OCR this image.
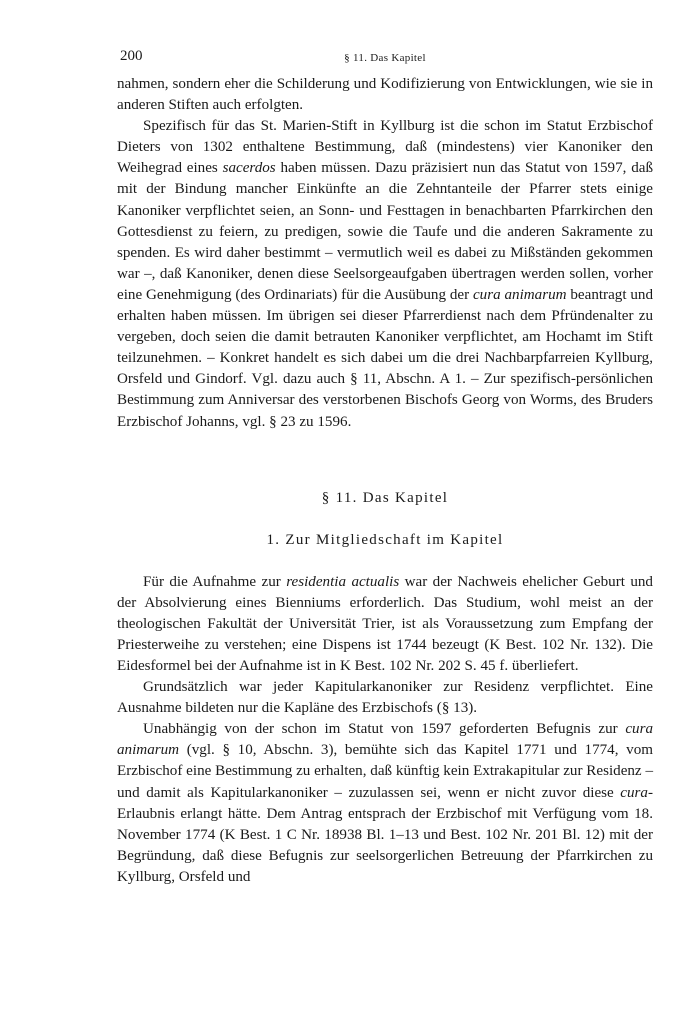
200	§ 11. Das Kapitel

nahmen, sondern eher die Schilderung und Kodifizierung von Entwicklungen, wie sie in anderen Stiften auch erfolgten.

Spezifisch für das St. Marien-Stift in Kyllburg ist die schon im Statut Erzbischof Dieters von 1302 enthaltene Bestimmung, daß (mindestens) vier Kanoniker den Weihegrad eines sacerdos haben müssen. Dazu präzisiert nun das Statut von 1597, daß mit der Bindung mancher Einkünfte an die Zehntanteile der Pfarrer stets einige Kanoniker verpflichtet seien, an Sonn- und Festtagen in benachbarten Pfarrkirchen den Gottesdienst zu feiern, zu predigen, sowie die Taufe und die anderen Sakramente zu spenden. Es wird daher bestimmt – vermutlich weil es dabei zu Mißständen gekommen war –, daß Kanoniker, denen diese Seelsorgeaufgaben übertragen werden sollen, vorher eine Genehmigung (des Ordinariats) für die Ausübung der cura animarum beantragt und erhalten haben müssen. Im übrigen sei dieser Pfarrerdienst nach dem Pfründenalter zu vergeben, doch seien die damit betrauten Kanoniker verpflichtet, am Hochamt im Stift teilzunehmen. – Konkret handelt es sich dabei um die drei Nachbarpfarreien Kyllburg, Orsfeld und Gindorf. Vgl. dazu auch § 11, Abschn. A 1. – Zur spezifisch-persönlichen Bestimmung zum Anniversar des verstorbenen Bischofs Georg von Worms, des Bruders Erzbischof Johanns, vgl. § 23 zu 1596.

§ 11. Das Kapitel
1. Zur Mitgliedschaft im Kapitel

Für die Aufnahme zur residentia actualis war der Nachweis ehelicher Geburt und der Absolvierung eines Bienniums erforderlich. Das Studium, wohl meist an der theologischen Fakultät der Universität Trier, ist als Voraussetzung zum Empfang der Priesterweihe zu verstehen; eine Dispens ist 1744 bezeugt (K Best. 102 Nr. 132). Die Eidesformel bei der Aufnahme ist in K Best. 102 Nr. 202 S. 45 f. überliefert.

Grundsätzlich war jeder Kapitularkanoniker zur Residenz verpflichtet. Eine Ausnahme bildeten nur die Kapläne des Erzbischofs (§ 13).

Unabhängig von der schon im Statut von 1597 geforderten Befugnis zur cura animarum (vgl. § 10, Abschn. 3), bemühte sich das Kapitel 1771 und 1774, vom Erzbischof eine Bestimmung zu erhalten, daß künftig kein Extrakapitular zur Residenz – und damit als Kapitularkanoniker – zuzulassen sei, wenn er nicht zuvor diese cura-Erlaubnis erlangt hätte. Dem Antrag entsprach der Erzbischof mit Verfügung vom 18. November 1774 (K Best. 1 C Nr. 18938 Bl. 1–13 und Best. 102 Nr. 201 Bl. 12) mit der Begründung, daß diese Befugnis zur seelsorgerlichen Betreuung der Pfarrkirchen zu Kyllburg, Orsfeld und
